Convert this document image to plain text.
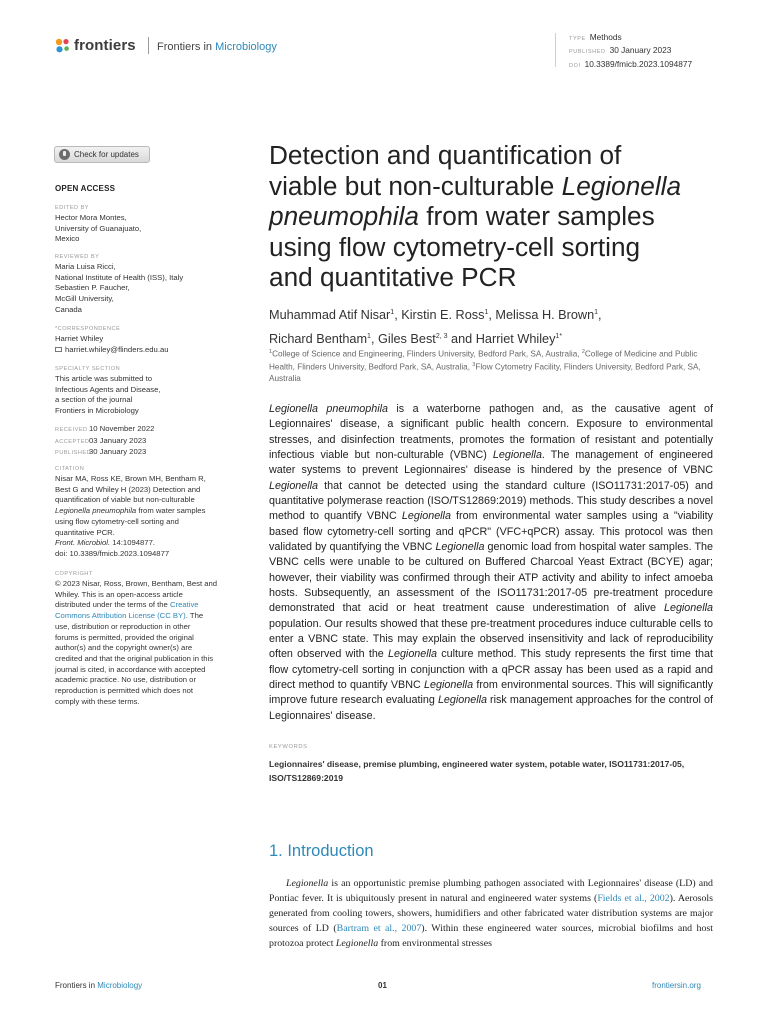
frontiers Frontiers in Microbiology
TYPE Methods
PUBLISHED 30 January 2023
DOI 10.3389/fmicb.2023.1094877
Check for updates
OPEN ACCESS
EDITED BY
Hector Mora Montes,
University of Guanajuato,
Mexico
REVIEWED BY
Maria Luisa Ricci,
National Institute of Health (ISS), Italy
Sebastien P. Faucher,
McGill University,
Canada
*CORRESPONDENCE
Harriet Whiley
harriet.whiley@flinders.edu.au
SPECIALTY SECTION
This article was submitted to
Infectious Agents and Disease,
a section of the journal
Frontiers in Microbiology
RECEIVED10 November 2022
ACCEPTED03 January 2023
PUBLISHED30 January 2023
CITATION
Nisar MA, Ross KE, Brown MH, Bentham R,
Best G and Whiley H (2023) Detection and
quantification of viable but non-culturable
Legionella pneumophila from water samples
using flow cytometry-cell sorting and
quantitative PCR.
Front. Microbiol. 14:1094877.
doi: 10.3389/fmicb.2023.1094877
COPYRIGHT
© 2023 Nisar, Ross, Brown, Bentham, Best and
Whiley. This is an open-access article
distributed under the terms of the Creative
Commons Attribution License (CC BY). The
use, distribution or reproduction in other
forums is permitted, provided the original
author(s) and the copyright owner(s) are
credited and that the original publication in this
journal is cited, in accordance with accepted
academic practice. No use, distribution or
reproduction is permitted which does not
comply with these terms.
Detection and quantification of
viable but non-culturable Legionella
pneumophila from water samples
using flow cytometry-cell sorting
and quantitative PCR
Muhammad Atif Nisar$^1$, Kirstin E. Ross$^1$, Melissa H. Brown$^1$,
Richard Bentham$^1$, Giles Best$^{2, 3}$ and Harriet Whiley$^{1*}$
$^1$College of Science and Engineering, Flinders University, Bedford Park, SA, Australia, $^2$College of Medicine and Public Health, Flinders University, Bedford Park, SA, Australia, $^3$Flow Cytometry Facility, Flinders University, Bedford Park, SA, Australia
Legionella pneumophila is a waterborne pathogen and, as the causative agent of Legionnaires' disease, a significant public health concern. Exposure to environmental stresses, and disinfection treatments, promotes the formation of resistant and potentially infectious viable but non-culturable (VBNC) Legionella. The management of engineered water systems to prevent Legionnaires' disease is hindered by the presence of VBNC Legionella that cannot be detected using the standard culture (ISO11731:2017-05) and quantitative polymerase reaction (ISO/TS12869:2019) methods. This study describes a novel method to quantify VBNC Legionella from environmental water samples using a "viability based flow cytometry-cell sorting and qPCR" (VFC+qPCR) assay. This protocol was then validated by quantifying the VBNC Legionella genomic load from hospital water samples. The VBNC cells were unable to be cultured on Buffered Charcoal Yeast Extract (BCYE) agar; however, their viability was confirmed through their ATP activity and ability to infect amoeba hosts. Subsequently, an assessment of the ISO11731:2017-05 pre-treatment procedure demonstrated that acid or heat treatment cause underestimation of alive Legionella population. Our results showed that these pre-treatment procedures induce culturable cells to enter a VBNC state. This may explain the observed insensitivity and lack of reproducibility often observed with the Legionella culture method. This study represents the first time that flow cytometry-cell sorting in conjunction with a qPCR assay has been used as a rapid and direct method to quantify VBNC Legionella from environmental sources. This will significantly improve future research evaluating Legionella risk management approaches for the control of Legionnaires' disease.
KEYWORDS
Legionnaires' disease, premise plumbing, engineered water system, potable water, ISO11731:2017-05, ISO/TS12869:2019
1. Introduction

Legionella is an opportunistic premise plumbing pathogen associated with Legionnaires' disease (LD) and Pontiac fever. It is ubiquitously present in natural and engineered water systems (Fields et al., 2002). Aerosols generated from cooling towers, showers, humidifiers and other fabricated water distribution systems are major sources of LD (Bartram et al., 2007). Within these engineered water sources, microbial biofilms and host protozoa protect Legionella from environmental stresses

Frontiers in Microbiology	01	frontiersin.org
